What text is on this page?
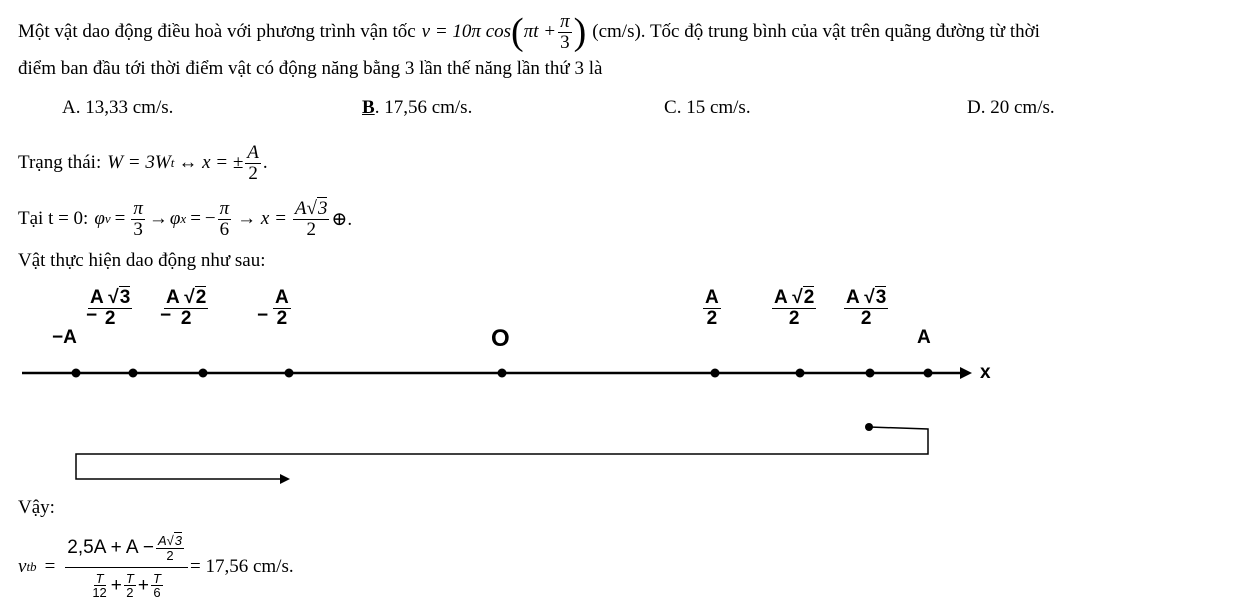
Một vật dao động điều hoà với phương trình vận tốc v = 10π cos ( $\pi t + \frac{\pi}{3}$ ) (cm/s). Tốc độ trung bình của vật trên quãng đường từ thời
điểm ban đầu tới thời điểm vật có động năng bằng 3 lần thế năng lần thứ 3 là
A. 13,33 cm/s.	B. 17,56 cm/s.	C. 15 cm/s.	D. 20 cm/s.
Trạng thái: W = 3W t ↔ x = ± $\frac{A}{2}$ .
Tại t = 0: φ $v = \frac{\pi}{3} \to \varphi$ x = − $\frac{\pi}{6} \to x = \frac{A√3}{2}$ ⊕.
Vật thực hiện dao động như sau:
−A
$\frac{A √3}{2}$
−	$\frac{A √2}{2}$
−	− $\frac{A}{2}$
O
$\frac{A}{2}$	$\frac{A √2}{2} \frac{A √3}{2}$
A
x
Vậy:
v tb = $\frac{2,5A + A - \frac{A√3}{2}}{\frac{T}{12} + \frac{T}{2} + \frac{T}{6}} = 17,56$ cm/s.
